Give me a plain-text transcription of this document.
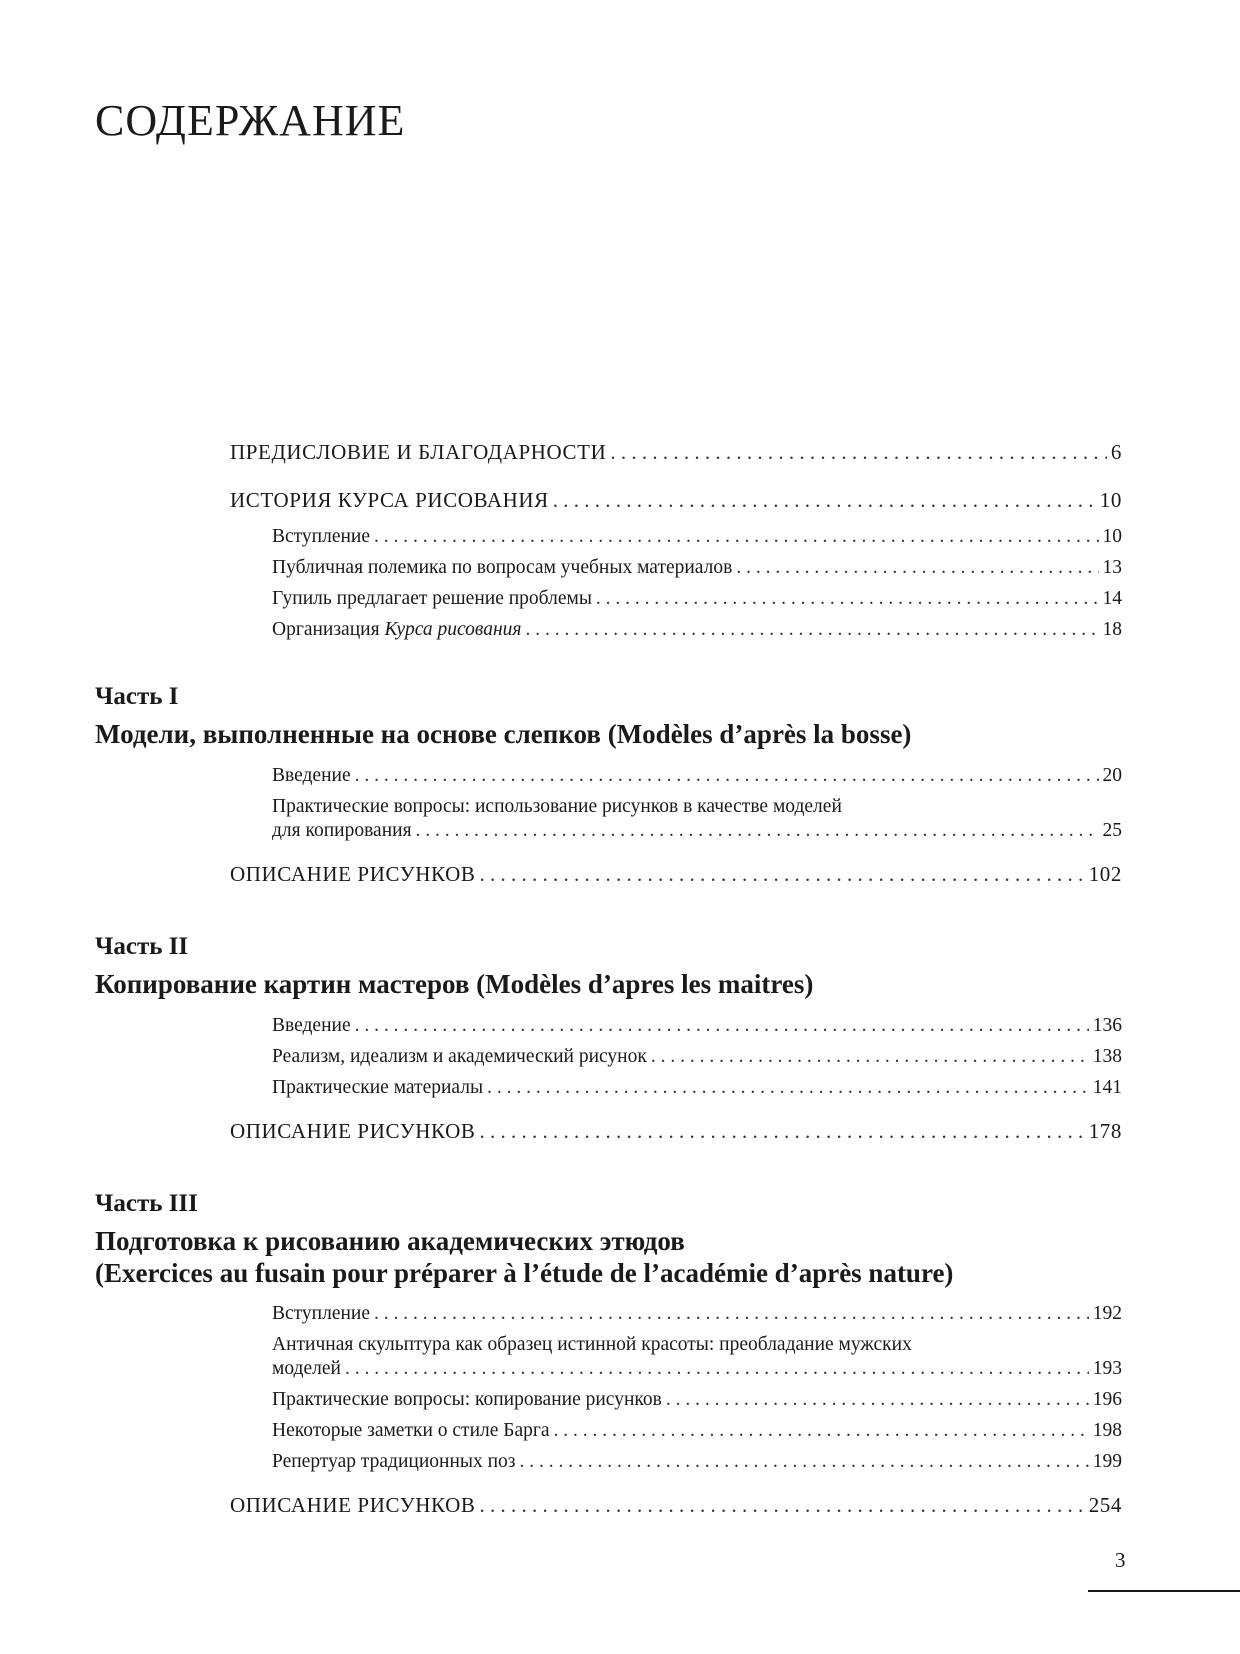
СОДЕРЖАНИЕ
ПРЕДИСЛОВИЕ И БЛАГОДАРНОСТИ . . .	6
ИСТОРИЯ КУРСА РИСОВАНИЯ . . .	10
Вступление . . .	10
Публичная полемика по вопросам учебных материалов . . .	13
Гупиль предлагает решение проблемы . . .	14
Организация Курса рисования . . .	18
Часть I
Модели, выполненные на основе слепков (Modèles d’après la bosse)
Введение . . .	20
Практические вопросы: использование рисунков в качестве моделей
для копирования . . .	25
ОПИСАНИЕ РИСУНКОВ . . .	102
Часть II
Копирование картин мастеров (Modèles d’apres les maitres)
Введение . . .	136
Реализм, идеализм и академический рисунок . . .	138
Практические материалы . . .	141
ОПИСАНИЕ РИСУНКОВ . . .	178
Часть III
Подготовка к рисованию академических этюдов
(Exercices au fusain pour préparer à l’étude de l’académie d’après nature)
Вступление . . .	192
Античная скульптура как образец истинной красоты: преобладание мужских
моделей . . .	193
Практические вопросы: копирование рисунков . . .	196
Некоторые заметки о стиле Барга . . .	198
Репертуар традиционных поз . . .	199
ОПИСАНИЕ РИСУНКОВ . . .	254
3
